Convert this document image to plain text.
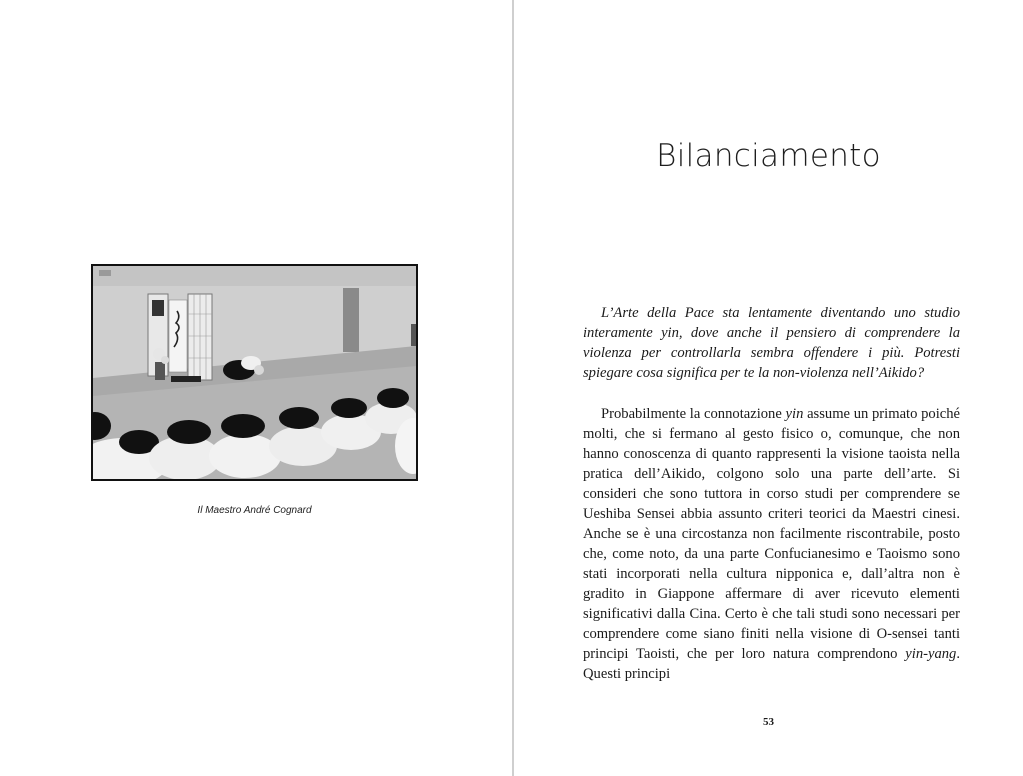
Il Maestro André Cognard
Bilanciamento

L’Arte della Pace sta lentamente diventando uno studio interamente yin, dove anche il pensiero di comprendere la violenza per controllarla sembra offendere i più. Potresti spiegare cosa significa per te la non-violenza nell’Aikido?

Probabilmente la connotazione yin assume un primato poiché molti, che si fermano al gesto fisico o, comunque, che non hanno conoscenza di quanto rappresenti la visione taoista nella pratica dell’Aikido, colgono solo una parte dell’arte. Si consideri che sono tuttora in corso studi per comprendere se Ueshiba Sensei abbia assunto criteri teorici da Maestri cinesi. Anche se è una circostanza non facilmente riscontrabile, posto che, come noto, da una parte Confucianesimo e Taoismo sono stati incorporati nella cultura nipponica e, dall’altra non è gradito in Giappone affermare di aver ricevuto elementi significativi dalla Cina. Certo è che tali studi sono necessari per comprendere come siano finiti nella visione di O-sensei tanti principi Taoisti, che per loro natura comprendono yin-yang. Questi principi

53
